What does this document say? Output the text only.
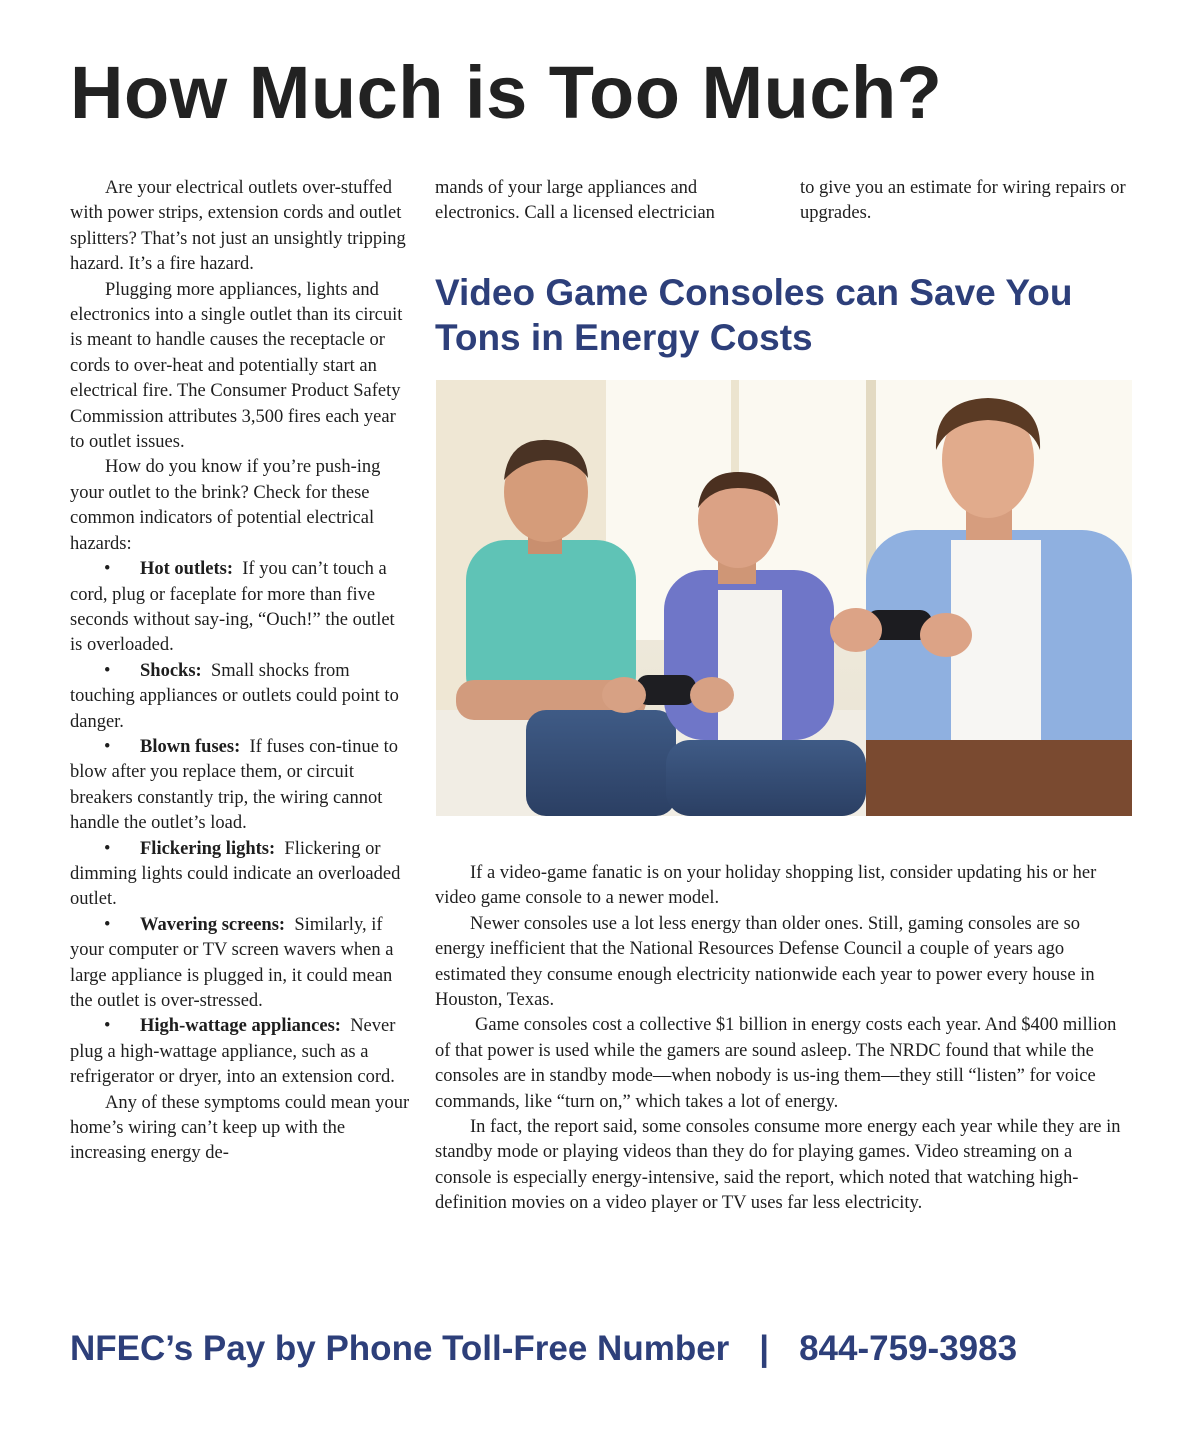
How Much is Too Much?

Are your electrical outlets over-stuffed with power strips, extension cords and outlet splitters? That’s not just an unsightly tripping hazard. It’s a fire hazard.

Plugging more appliances, lights and electronics into a single outlet than its circuit is meant to handle causes the receptacle or cords to over-heat and potentially start an electrical fire. The Consumer Product Safety Commission attributes 3,500 fires each year to outlet issues.

How do you know if you’re push-ing your outlet to the brink? Check for these common indicators of potential electrical hazards:

• Hot outlets: If you can’t touch a cord, plug or faceplate for more than five seconds without say-ing, “Ouch!” the outlet is overloaded.

• Shocks: Small shocks from touching appliances or outlets could point to danger.

• Blown fuses: If fuses con-tinue to blow after you replace them, or circuit breakers constantly trip, the wiring cannot handle the outlet’s load.

• Flickering lights: Flickering or dimming lights could indicate an overloaded outlet.

• Wavering screens: Similarly, if your computer or TV screen wavers when a large appliance is plugged in, it could mean the outlet is over-stressed.

• High-wattage appliances: Never plug a high-wattage appliance, such as a refrigerator or dryer, into an extension cord.

Any of these symptoms could mean your home’s wiring can’t keep up with the increasing energy de-

mands of your large appliances and electronics. Call a licensed electrician

to give you an estimate for wiring repairs or upgrades.

Video Game Consoles can Save You Tons in Energy Costs

If a video-game fanatic is on your holiday shopping list, consider updating his or her video game console to a newer model.

Newer consoles use a lot less energy than older ones. Still, gaming consoles are so energy inefficient that the National Resources Defense Council a couple of years ago estimated they consume enough electricity nationwide each year to power every house in Houston, Texas.

Game consoles cost a collective $1 billion in energy costs each year. And $400 million of that power is used while the gamers are sound asleep. The NRDC found that while the consoles are in standby mode—when nobody is us-ing them—they still “listen” for voice commands, like “turn on,” which takes a lot of energy.

In fact, the report said, some consoles consume more energy each year while they are in standby mode or playing videos than they do for playing games. Video streaming on a console is especially energy-intensive, said the report, which noted that watching high-definition movies on a video player or TV uses far less electricity.

NFEC’s Pay by Phone Toll-Free Number | 844-759-3983
